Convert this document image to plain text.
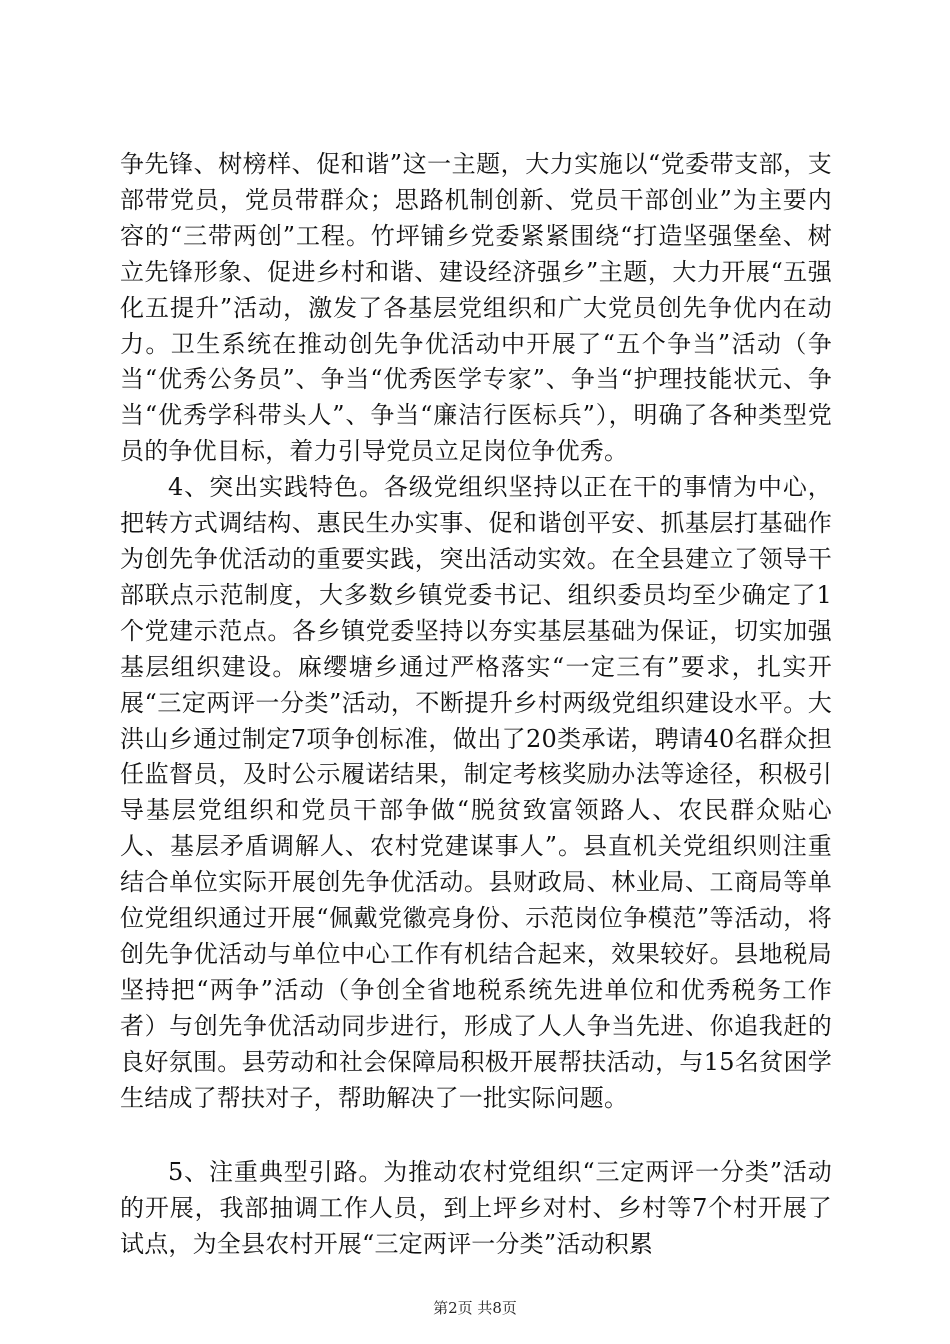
争先锋、树榜样、促和谐”这一主题，大力实施以“党委带支部，支部带党员，党员带群众；思路机制创新、党员干部创业”为主要内容的“三带两创”工程。竹坪铺乡党委紧紧围绕“打造坚强堡垒、树立先锋形象、促进乡村和谐、建设经济强乡”主题，大力开展“五强化五提升”活动，激发了各基层党组织和广大党员创先争优内在动力。卫生系统在推动创先争优活动中开展了“五个争当”活动（争当“优秀公务员”、争当“优秀医学专家”、争当“护理技能状元、争当“优秀学科带头人”、争当“廉洁行医标兵”），明确了各种类型党员的争优目标，着力引导党员立足岗位争优秀。

4、突出实践特色。各级党组织坚持以正在干的事情为中心，把转方式调结构、惠民生办实事、促和谐创平安、抓基层打基础作为创先争优活动的重要实践，突出活动实效。在全县建立了领导干部联点示范制度，大多数乡镇党委书记、组织委员均至少确定了1个党建示范点。各乡镇党委坚持以夯实基层基础为保证，切实加强基层组织建设。麻缨塘乡通过严格落实“一定三有”要求，扎实开展“三定两评一分类”活动，不断提升乡村两级党组织建设水平。大洪山乡通过制定7项争创标准，做出了20类承诺，聘请40名群众担任监督员，及时公示履诺结果，制定考核奖励办法等途径，积极引导基层党组织和党员干部争做“脱贫致富领路人、农民群众贴心人、基层矛盾调解人、农村党建谋事人”。县直机关党组织则注重结合单位实际开展创先争优活动。县财政局、林业局、工商局等单位党组织通过开展“佩戴党徽亮身份、示范岗位争模范”等活动，将创先争优活动与单位中心工作有机结合起来，效果较好。县地税局坚持把“两争”活动（争创全省地税系统先进单位和优秀税务工作者）与创先争优活动同步进行，形成了人人争当先进、你追我赶的良好氛围。县劳动和社会保障局积极开展帮扶活动，与15名贫困学生结成了帮扶对子，帮助解决了一批实际问题。

5、注重典型引路。为推动农村党组织“三定两评一分类”活动的开展，我部抽调工作人员，到上坪乡对村、乡村等7个村开展了试点，为全县农村开展“三定两评一分类”活动积累

第2页 共8页
